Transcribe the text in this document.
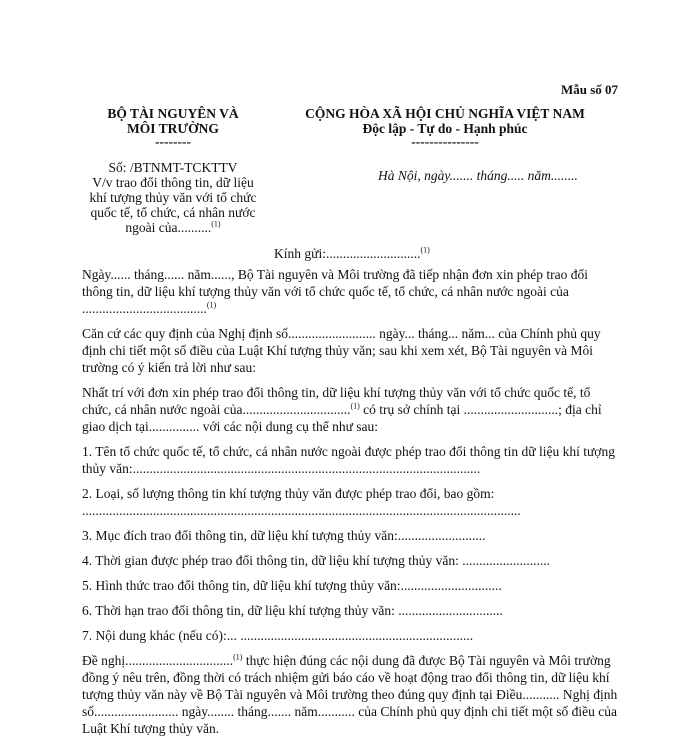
Mẫu số 07
BỘ TÀI NGUYÊN VÀ
MÔI TRƯỜNG
--------
CỘNG HÒA XÃ HỘI CHỦ NGHĨA VIỆT NAM
Độc lập - Tự do - Hạnh phúc
---------------
Số: /BTNMT-TCKTTV
V/v trao đổi thông tin, dữ liệu
khí tượng thủy văn với tổ chức
quốc tế, tổ chức, cá nhân nước
ngoài của..........$^{(1)}$
Hà Nội, ngày....... tháng..... năm........
Kính gửi:............................$^{(1)}$

Ngày...... tháng...... năm......, Bộ Tài nguyên và Môi trường đã tiếp nhận đơn xin phép trao đổi thông tin, dữ liệu khí tượng thủy văn với tổ chức quốc tế, tổ chức, cá nhân nước ngoài của .....................................$^{(1)}$

Căn cứ các quy định của Nghị định số.......................... ngày... tháng... năm... của Chính phủ quy định chi tiết một số điều của Luật Khí tượng thủy văn; sau khi xem xét, Bộ Tài nguyên và Môi trường có ý kiến trả lời như sau:

Nhất trí với đơn xin phép trao đổi thông tin, dữ liệu khí tượng thủy văn với tổ chức quốc tế, tổ chức, cá nhân nước ngoài của................................$^{(1)}$ có trụ sở chính tại ............................; địa chỉ giao dịch tại............... với các nội dung cụ thể như sau:

1. Tên tổ chức quốc tế, tổ chức, cá nhân nước ngoài được phép trao đổi thông tin dữ liệu khí tượng thủy văn:.......................................................................................................

2. Loại, số lượng thông tin khí tượng thủy văn được phép trao đổi, bao gồm: ..................................................................................................................................

3. Mục đích trao đổi thông tin, dữ liệu khí tượng thủy văn:..........................

4. Thời gian được phép trao đổi thông tin, dữ liệu khí tượng thủy văn: ..........................

5. Hình thức trao đổi thông tin, dữ liệu khí tượng thủy văn:..............................

6. Thời hạn trao đổi thông tin, dữ liệu khí tượng thủy văn: ...............................

7. Nội dung khác (nếu có):... .....................................................................

Đề nghị................................$^{(1)}$ thực hiện đúng các nội dung đã được Bộ Tài nguyên và Môi trường đồng ý nêu trên, đồng thời có trách nhiệm gửi báo cáo về hoạt động trao đổi thông tin, dữ liệu khí tượng thủy văn này về Bộ Tài nguyên và Môi trường theo đúng quy định tại Điều........... Nghị định số......................... ngày........ tháng....... năm........... của Chính phủ quy định chi tiết một số điều của Luật Khí tượng thủy văn.
